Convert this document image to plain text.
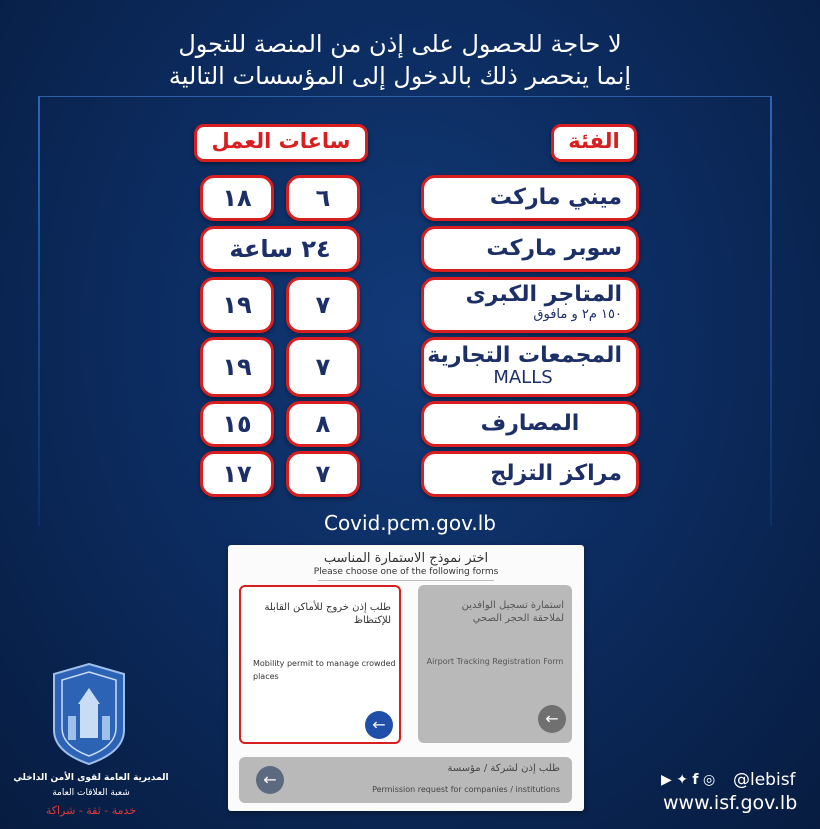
لا حاجة للحصول على إذن من المنصة للتجول
إنما ينحصر ذلك بالدخول إلى المؤسسات التالية
الفئة
ساعات العمل
ميني ماركت
٦
١٨
سوبر ماركت
٢٤ ساعة
المتاجر الكبرى
١٥٠ م٢ و مافوق
٧
١٩
المجمعات التجارية
MALLS
٧
١٩
المصارف
٨
١٥
مراكز التزلج
٧
١٧
Covid.pcm.gov.lb
اختر نموذج الاستمارة المناسب
Please choose one of the following forms
استمارة تسجيل الوافدين لملاحقة الحجر الصحي
Airport Tracking Registration Form
←
طلب إذن خروج للأماكن القابلة للإكتظاظ
Mobility permit to manage crowded places
←
←
طلب إذن لشركة / مؤسسة
Permission request for companies / institutions
المديرية العامة لقوى الأمن الداخلي
شعبة العلاقات العامة
خدمة - ثقة - شراكة
▶ ✦ f ◎ @lebisf
www.isf.gov.lb
